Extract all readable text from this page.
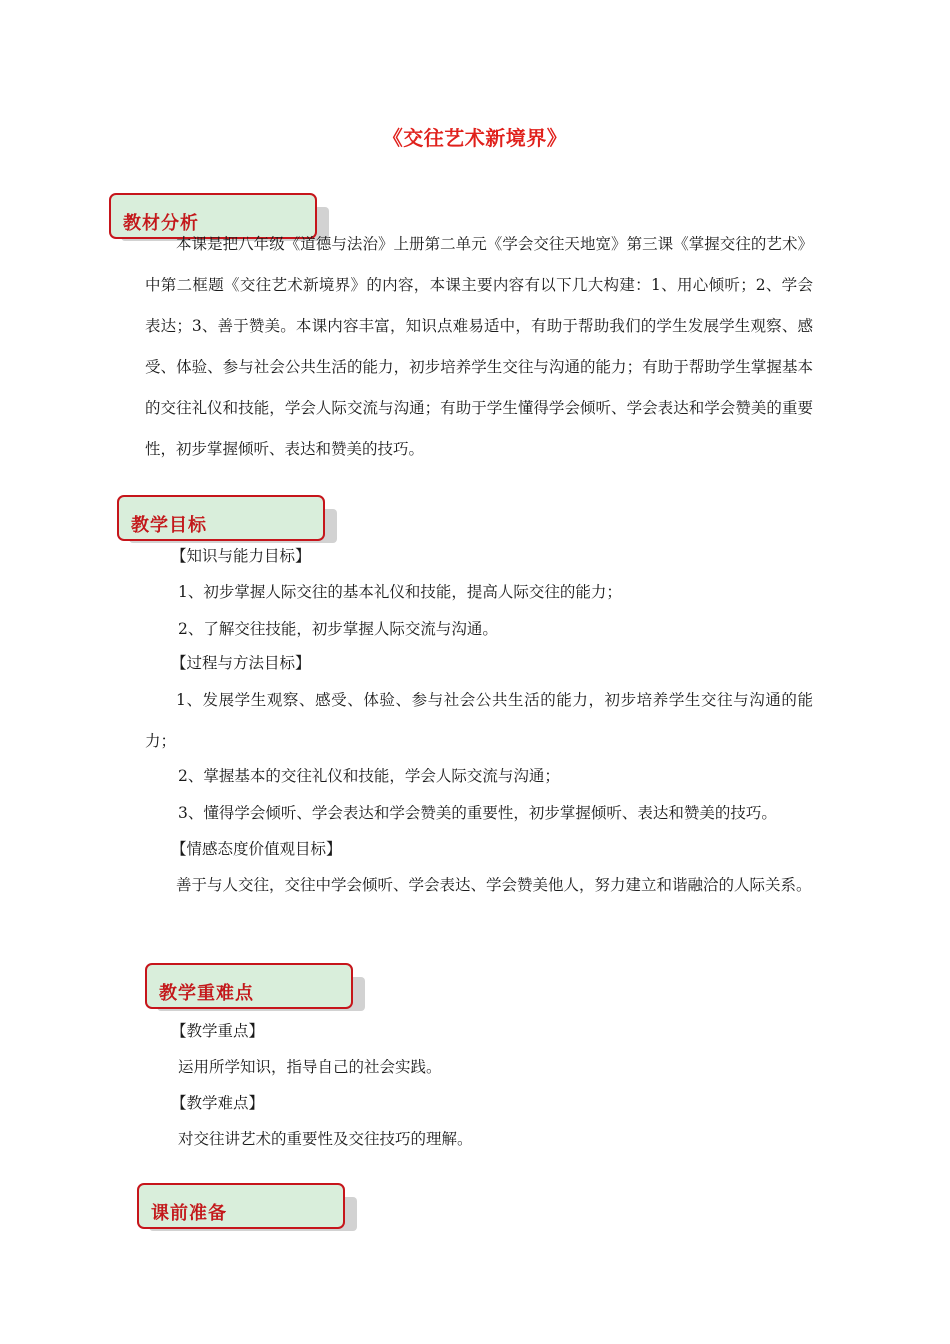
《交往艺术新境界》
教材分析

本课是把八年级《道德与法治》上册第二单元《学会交往天地宽》第三课《掌握交往的艺术》中第二框题《交往艺术新境界》的内容，本课主要内容有以下几大构建：1、用心倾听；2、学会表达；3、善于赞美。本课内容丰富，知识点难易适中，有助于帮助我们的学生发展学生观察、感受、体验、参与社会公共生活的能力，初步培养学生交往与沟通的能力；有助于帮助学生掌握基本的交往礼仪和技能，学会人际交流与沟通；有助于学生懂得学会倾听、学会表达和学会赞美的重要性，初步掌握倾听、表达和赞美的技巧。

教学目标

【知识与能力目标】

1、初步掌握人际交往的基本礼仪和技能，提高人际交往的能力；

2、了解交往技能，初步掌握人际交流与沟通。

【过程与方法目标】

1、发展学生观察、感受、体验、参与社会公共生活的能力，初步培养学生交往与沟通的能力；

2、掌握基本的交往礼仪和技能，学会人际交流与沟通；

3、懂得学会倾听、学会表达和学会赞美的重要性，初步掌握倾听、表达和赞美的技巧。

【情感态度价值观目标】

善于与人交往，交往中学会倾听、学会表达、学会赞美他人，努力建立和谐融洽的人际关系。

教学重难点

【教学重点】

运用所学知识，指导自己的社会实践。

【教学难点】

对交往讲艺术的重要性及交往技巧的理解。

课前准备
